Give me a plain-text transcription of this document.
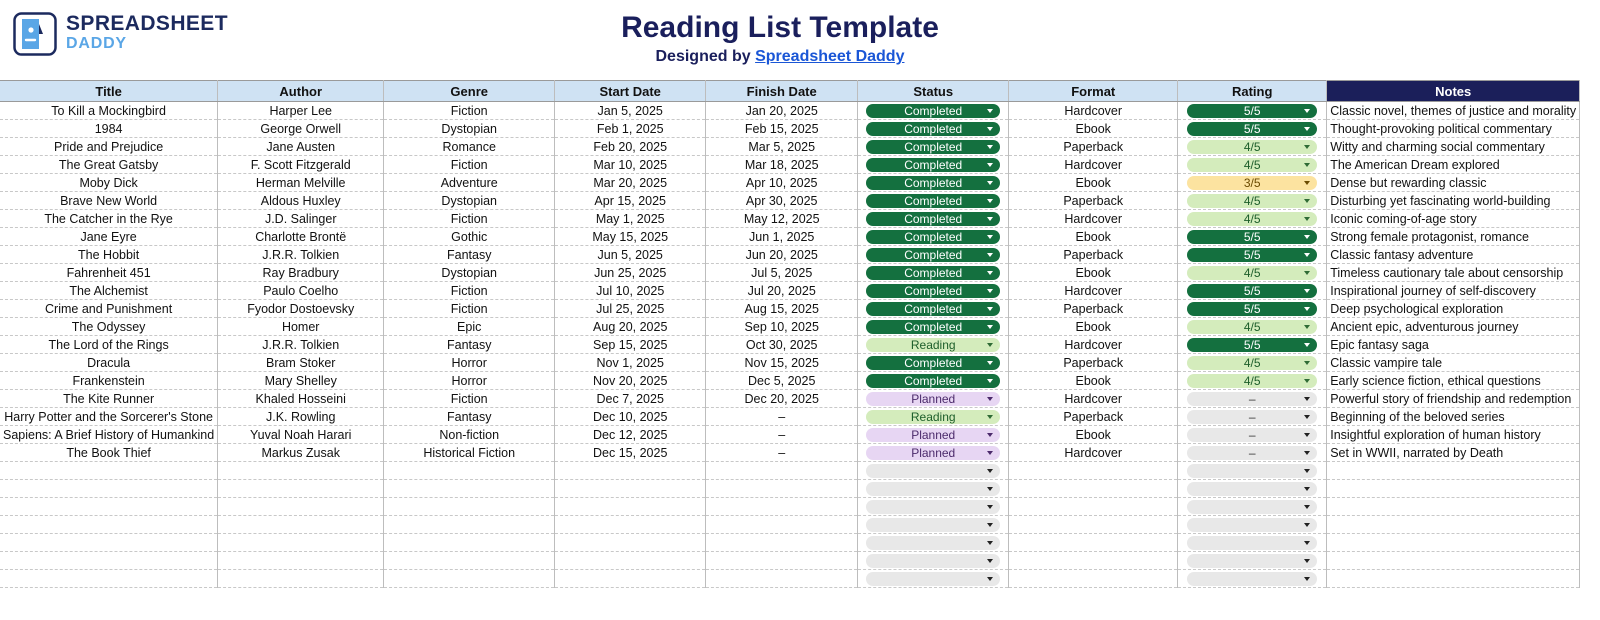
SPREADSHEET
DADDY	Reading List Template
Designed by Spreadsheet Daddy
Title	Author	Genre	Start Date	Finish Date	Status	Format	Rating	Notes
To Kill a Mockingbird	Harper Lee	Fiction	Jan 5, 2025	Jan 20, 2025	Completed	Hardcover	5/5	Classic novel, themes of justice and morality
1984	George Orwell	Dystopian	Feb 1, 2025	Feb 15, 2025	Completed	Ebook	5/5	Thought-provoking political commentary
Pride and Prejudice	Jane Austen	Romance	Feb 20, 2025	Mar 5, 2025	Completed	Paperback	4/5	Witty and charming social commentary
The Great Gatsby	F. Scott Fitzgerald	Fiction	Mar 10, 2025	Mar 18, 2025	Completed	Hardcover	4/5	The American Dream explored
Moby Dick	Herman Melville	Adventure	Mar 20, 2025	Apr 10, 2025	Completed	Ebook	3/5	Dense but rewarding classic
Brave New World	Aldous Huxley	Dystopian	Apr 15, 2025	Apr 30, 2025	Completed	Paperback	4/5	Disturbing yet fascinating world-building
The Catcher in the Rye	J.D. Salinger	Fiction	May 1, 2025	May 12, 2025	Completed	Hardcover	4/5	Iconic coming-of-age story
Jane Eyre	Charlotte Brontë	Gothic	May 15, 2025	Jun 1, 2025	Completed	Ebook	5/5	Strong female protagonist, romance
The Hobbit	J.R.R. Tolkien	Fantasy	Jun 5, 2025	Jun 20, 2025	Completed	Paperback	5/5	Classic fantasy adventure
Fahrenheit 451	Ray Bradbury	Dystopian	Jun 25, 2025	Jul 5, 2025	Completed	Ebook	4/5	Timeless cautionary tale about censorship
The Alchemist	Paulo Coelho	Fiction	Jul 10, 2025	Jul 20, 2025	Completed	Hardcover	5/5	Inspirational journey of self-discovery
Crime and Punishment	Fyodor Dostoevsky	Fiction	Jul 25, 2025	Aug 15, 2025	Completed	Paperback	5/5	Deep psychological exploration
The Odyssey	Homer	Epic	Aug 20, 2025	Sep 10, 2025	Completed	Ebook	4/5	Ancient epic, adventurous journey
The Lord of the Rings	J.R.R. Tolkien	Fantasy	Sep 15, 2025	Oct 30, 2025	Reading	Hardcover	5/5	Epic fantasy saga
Dracula	Bram Stoker	Horror	Nov 1, 2025	Nov 15, 2025	Completed	Paperback	4/5	Classic vampire tale
Frankenstein	Mary Shelley	Horror	Nov 20, 2025	Dec 5, 2025	Completed	Ebook	4/5	Early science fiction, ethical questions
The Kite Runner	Khaled Hosseini	Fiction	Dec 7, 2025	Dec 20, 2025	Planned	Hardcover	–	Powerful story of friendship and redemption
Harry Potter and the Sorcerer's Stone	J.K. Rowling	Fantasy	Dec 10, 2025	–	Reading	Paperback	–	Beginning of the beloved series
Sapiens: A Brief History of Humankind	Yuval Noah Harari	Non-fiction	Dec 12, 2025	–	Planned	Ebook	–	Insightful exploration of human history
The Book Thief	Markus Zusak	Historical Fiction	Dec 15, 2025	–	Planned	Hardcover	–	Set in WWII, narrated by Death
